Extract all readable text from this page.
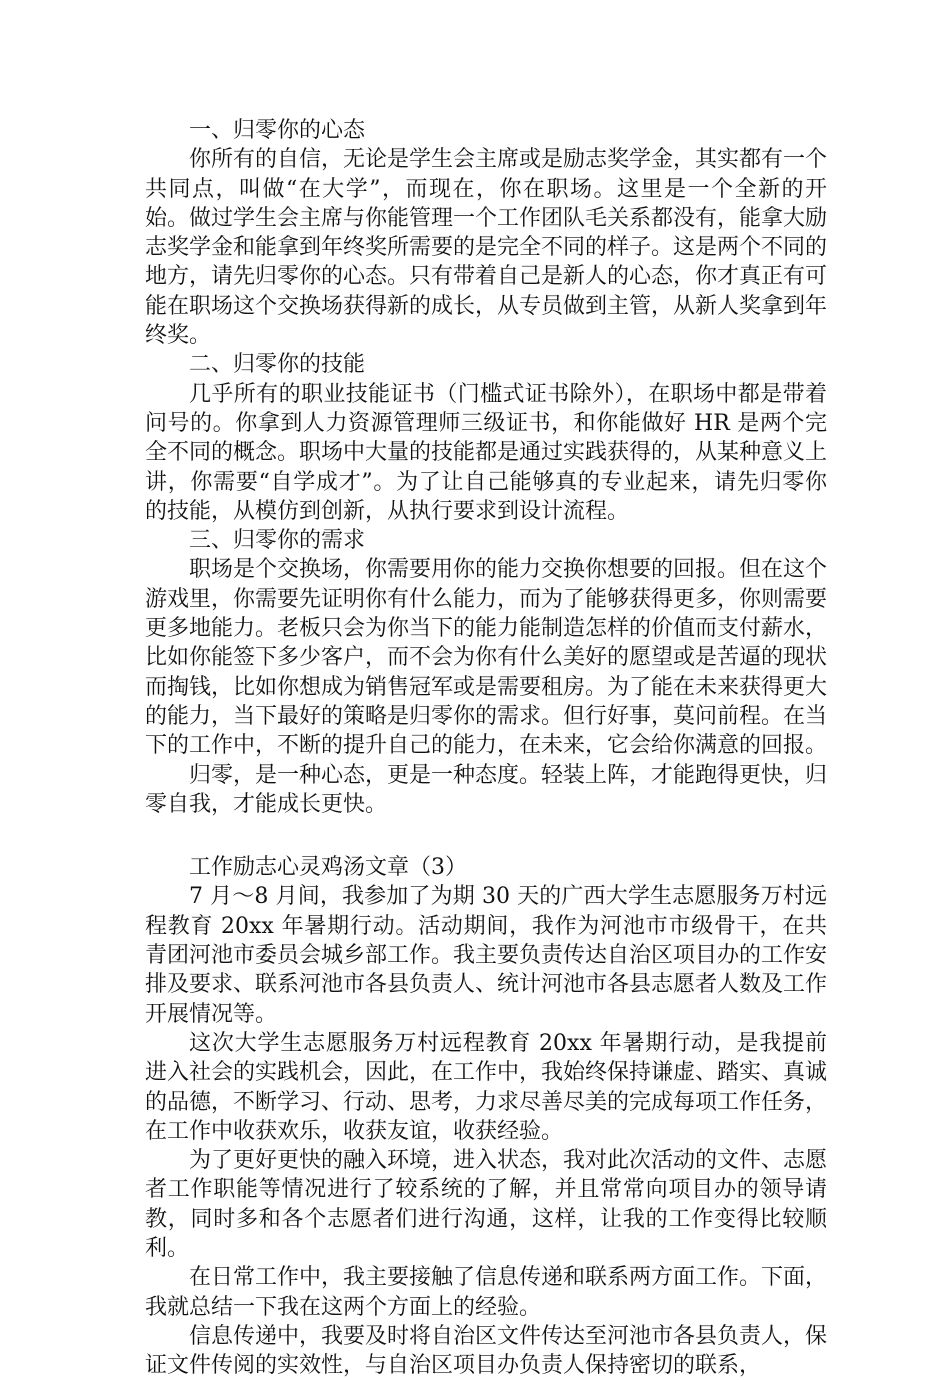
一、归零你的心态

你所有的自信，无论是学生会主席或是励志奖学金，其实都有一个共同点，叫做“在大学”，而现在，你在职场。这里是一个全新的开始。做过学生会主席与你能管理一个工作团队毛关系都没有，能拿大励志奖学金和能拿到年终奖所需要的是完全不同的样子。这是两个不同的地方，请先归零你的心态。只有带着自己是新人的心态，你才真正有可能在职场这个交换场获得新的成长，从专员做到主管，从新人奖拿到年终奖。

二、归零你的技能

几乎所有的职业技能证书（门槛式证书除外），在职场中都是带着问号的。你拿到人力资源管理师三级证书，和你能做好 HR 是两个完全不同的概念。职场中大量的技能都是通过实践获得的，从某种意义上讲，你需要“自学成才”。为了让自己能够真的专业起来，请先归零你的技能，从模仿到创新，从执行要求到设计流程。

三、归零你的需求

职场是个交换场，你需要用你的能力交换你想要的回报。但在这个游戏里，你需要先证明你有什么能力，而为了能够获得更多，你则需要更多地能力。老板只会为你当下的能力能制造怎样的价值而支付薪水，比如你能签下多少客户，而不会为你有什么美好的愿望或是苦逼的现状而掏钱，比如你想成为销售冠军或是需要租房。为了能在未来获得更大的能力，当下最好的策略是归零你的需求。但行好事，莫问前程。在当下的工作中，不断的提升自己的能力，在未来，它会给你满意的回报。

归零，是一种心态，更是一种态度。轻装上阵，才能跑得更快，归零自我，才能成长更快。

工作励志心灵鸡汤文章（3）

7 月～8 月间，我参加了为期 30 天的广西大学生志愿服务万村远程教育 20xx 年暑期行动。活动期间，我作为河池市市级骨干，在共青团河池市委员会城乡部工作。我主要负责传达自治区项目办的工作安排及要求、联系河池市各县负责人、统计河池市各县志愿者人数及工作开展情况等。

这次大学生志愿服务万村远程教育 20xx 年暑期行动，是我提前进入社会的实践机会，因此，在工作中，我始终保持谦虚、踏实、真诚的品德，不断学习、行动、思考，力求尽善尽美的完成每项工作任务，在工作中收获欢乐，收获友谊，收获经验。

为了更好更快的融入环境，进入状态，我对此次活动的文件、志愿者工作职能等情况进行了较系统的了解，并且常常向项目办的领导请教，同时多和各个志愿者们进行沟通，这样，让我的工作变得比较顺利。

在日常工作中，我主要接触了信息传递和联系两方面工作。下面，我就总结一下我在这两个方面上的经验。

信息传递中，我要及时将自治区文件传达至河池市各县负责人，保证文件传阅的实效性，与自治区项目办负责人保持密切的联系，
